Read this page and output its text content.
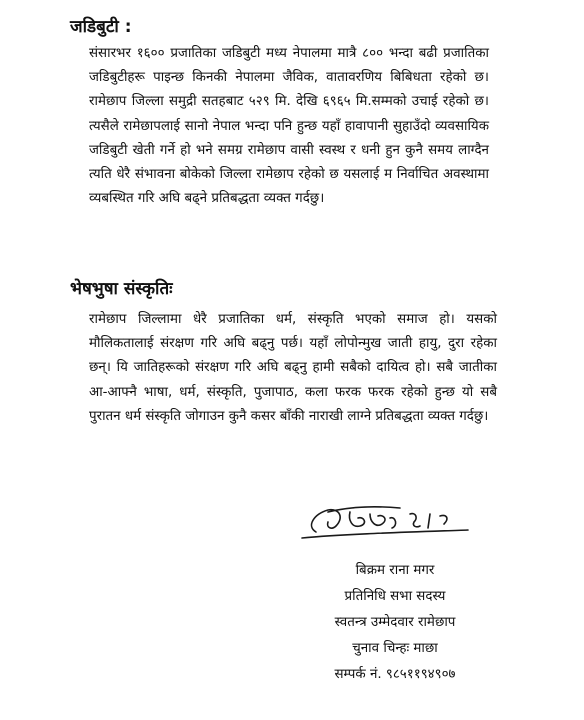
जडिबुटी :

संसारभर १६०० प्रजातिका जडिबुटी मध्य नेपालमा मात्रै ८०० भन्दा बढी प्रजातिका जडिबुटीहरू पाइन्छ किनकी नेपालमा जैविक, वातावरणिय बिबिधता रहेको छ। रामेछाप जिल्ला समुद्री सतहबाट ५२९ मि. देखि ६९६५ मि.सम्मको उचाई रहेको छ। त्यसैले रामेछापलाई सानो नेपाल भन्दा पनि हुन्छ यहाँ हावापानी सुहाउँदो व्यवसायिक जडिबुटी खेती गर्ने हो भने समग्र रामेछाप वासी स्वस्थ र धनी हुन कुनै समय लाग्दैन त्यति धेरै संभावना बोकेको जिल्ला रामेछाप रहेको छ यसलाई म निर्वाचित अवस्थामा व्यबस्थित गरि अघि बढ्ने प्रतिबद्धता व्यक्त गर्दछु।

भेषभुषा संस्कृतिः

रामेछाप जिल्लामा धेरै प्रजातिका धर्म, संस्कृति भएको समाज हो। यसको मौलिकतालाई संरक्षण गरि अघि बढ्नु पर्छ। यहाँ लोपोन्मुख जाती हायु, दुरा रहेका छन्। यि जातिहरूको संरक्षण गरि अघि बढ्नु हामी सबैको दायित्व हो। सबै जातीका आ-आफ्नै भाषा, धर्म, संस्कृति, पुजापाठ, कला फरक फरक रहेको हुन्छ यो सबै पुरातन धर्म संस्कृति जोगाउन कुनै कसर बाँकी नाराखी लाग्ने प्रतिबद्धता व्यक्त गर्दछु।

बिक्रम राना मगर
प्रतिनिधि सभा सदस्य
स्वतन्त्र उम्मेदवार रामेछाप
चुनाव चिन्हः माछा
सम्पर्क नं. ९८५११९४९०७
